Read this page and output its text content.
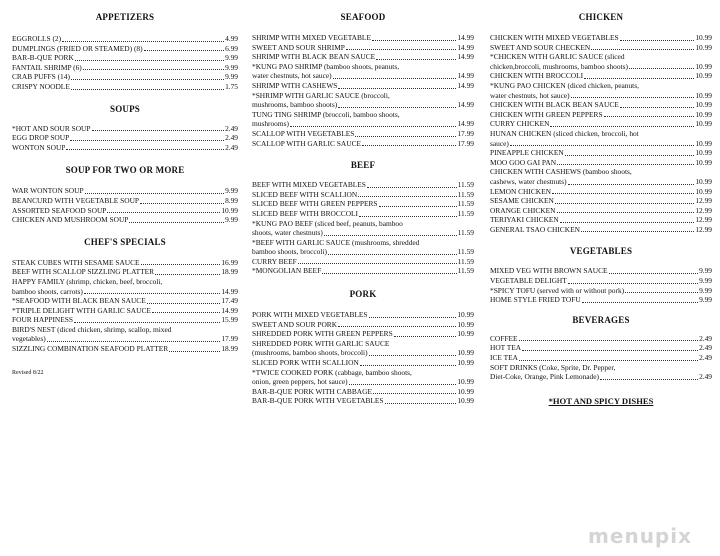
APPETIZERS

EGGROLLS (2)	4.99
DUMPLINGS (FRIED OR STEAMED) (8)	6.99
BAR-B-QUE PORK	9.99
FANTAIL SHRIMP (6)	9.99
CRAB PUFFS (14)	9.99
CRISPY NOODLE	1.75

SOUPS

*HOT AND SOUR SOUP	2.49
EGG DROP SOUP	2.49
WONTON SOUP	2.49

SOUP FOR TWO OR MORE

WAR WONTON SOUP	9.99
BEANCURD WITH VEGETABLE SOUP	8.99
ASSORTED SEAFOOD SOUP	10.99
CHICKEN AND MUSHROOM SOUP	9.99

CHEF'S SPECIALS

STEAK CUBES WITH SESAME SAUCE	16.99
BEEF WITH SCALLOP SIZZLING PLATTER	18.99
HAPPY FAMILY (shrimp, chicken, beef, broccoli,
bamboo shoots, carrots)	14.99
*SEAFOOD WITH BLACK BEAN SAUCE	17.49
*TRIPLE DELIGHT WITH GARLIC SAUCE	14.99
FOUR HAPPINESS	15.99
BIRD'S NEST (diced chicken, shrimp, scallop, mixed
vegetables)	17.99
SIZZLING COMBINATION SEAFOOD PLATTER	18.99
Revised 8/22

SEAFOOD

SHRIMP WITH MIXED VEGETABLE	14.99
SWEET AND SOUR SHRIMP	14.99
SHRIMP WITH BLACK BEAN SAUCE	14.99
*KUNG PAO SHRIMP (bamboo shoots, peanuts,
water chestnuts, hot sauce)	14.99
SHRIMP WITH CASHEWS	14.99
*SHRIMP WITH GARLIC SAUCE (broccoli,
mushrooms, bamboo shoots)	14.99
TUNG TING SHRIMP (broccoli, bamboo shoots,
mushrooms)	14.99
SCALLOP WITH VEGETABLES	17.99
SCALLOP WITH GARLIC SAUCE	17.99

BEEF

BEEF WITH MIXED VEGETABLES	11.59
SLICED BEEF WITH SCALLION	11.59
SLICED BEEF WITH GREEN PEPPERS	11.59
SLICED BEEF WITH BROCCOLI	11.59
*KUNG PAO BEEF (sliced beef, peanuts, bamboo
shoots, water chestnuts)	11.59
*BEEF WITH GARLIC SAUCE (mushrooms, shredded
bamboo shoots, broccoli)	11.59
CURRY BEEF	11.59
*MONGOLIAN BEEF	11.59

PORK

PORK WITH MIXED VEGETABLES	10.99
SWEET AND SOUR PORK	10.99
SHREDDED PORK WITH GREEN PEPPERS	10.99
SHREDDED PORK WITH GARLIC SAUCE
(mushrooms, bamboo shoots, broccoli)	10.99
SLICED PORK WITH SCALLION	10.99
*TWICE COOKED PORK (cabbage, bamboo shoots,
onion, green peppers, hot sauce)	10.99
BAR-B-QUE PORK WITH CABBAGE	10.99
BAR-B-QUE PORK WITH VEGETABLES	10.99

CHICKEN

CHICKEN WITH MIXED VEGETABLES	10.99
SWEET AND SOUR CHECKEN	10.99
*CHICKEN WITH GARLIC SAUCE (sliced
chicken,broccoli, mushrooms, bamboo shoots)	10.99
CHICKEN WITH BROCCOLI	10.99
*KUNG PAO CHICKEN (diced chicken, peanuts,
water chestnuts, hot sauce)	10.99
CHICKEN WITH BLACK BEAN SAUCE	10.99
CHICKEN WITH GREEN PEPPERS	10.99
CURRY CHICKEN	10.99
HUNAN CHICKEN (sliced chicken, broccoli, hot
sauce)	10.99
PINEAPPLE CHICKEN	10.99
MOO GOO GAI PAN	10.99
CHICKEN WITH CASHEWS (bamboo shoots,
cashews, water chestnuts)	10.99
LEMON CHICKEN	10.99
SESAME CHICKEN	12.99
ORANGE CHICKEN	12.99
TERIYAKI CHICKEN	12.99
GENERAL TSAO CHICKEN	12.99

VEGETABLES

MIXED VEG WITH BROWN SAUCE	9.99
VEGETABLE DELIGHT	9.99
*SPICY TOFU (served with or without pork)	9.99
HOME STYLE FRIED TOFU	9.99

BEVERAGES

COFFEE	2.49
HOT TEA	2.49
ICE TEA	2.49
SOFT DRINKS (Coke, Sprite, Dr. Pepper,
Diet-Coke, Orange, Pink Lemonade)	2.49
*HOT AND SPICY DISHES
menupix
